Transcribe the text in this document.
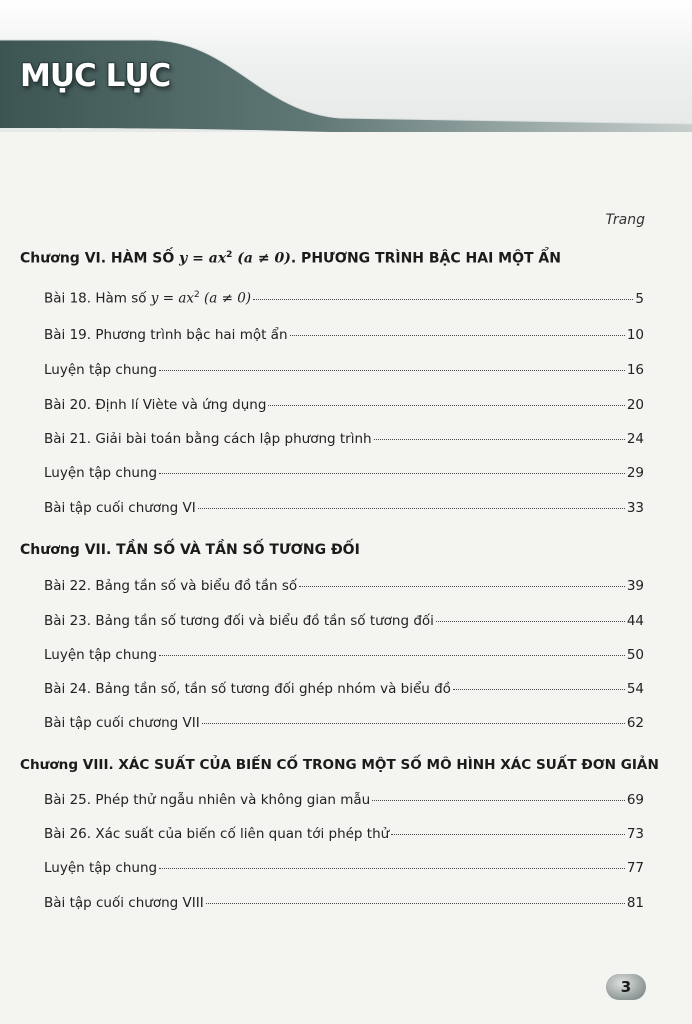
MỤC LỤC
Trang
Chương VI. HÀM SỐ $y = ax^2$ (a ≠ 0). PHƯƠNG TRÌNH BẬC HAI MỘT ẨN
Bài 18. Hàm số $y = ax^2$ (a ≠ 0)	5
Bài 19. Phương trình bậc hai một ẩn	10
Luyện tập chung	16
Bài 20. Định lí Viète và ứng dụng	20
Bài 21. Giải bài toán bằng cách lập phương trình	24
Luyện tập chung	29
Bài tập cuối chương VI	33
Chương VII. TẦN SỐ VÀ TẦN SỐ TƯƠNG ĐỐI
Bài 22. Bảng tần số và biểu đồ tần số	39
Bài 23. Bảng tần số tương đối và biểu đồ tần số tương đối	44
Luyện tập chung	50
Bài 24. Bảng tần số, tần số tương đối ghép nhóm và biểu đồ	54
Bài tập cuối chương VII	62
Chương VIII. XÁC SUẤT CỦA BIẾN CỐ TRONG MỘT SỐ MÔ HÌNH XÁC SUẤT ĐƠN GIẢN
Bài 25. Phép thử ngẫu nhiên và không gian mẫu	69
Bài 26. Xác suất của biến cố liên quan tới phép thử	73
Luyện tập chung	77
Bài tập cuối chương VIII	81
3
